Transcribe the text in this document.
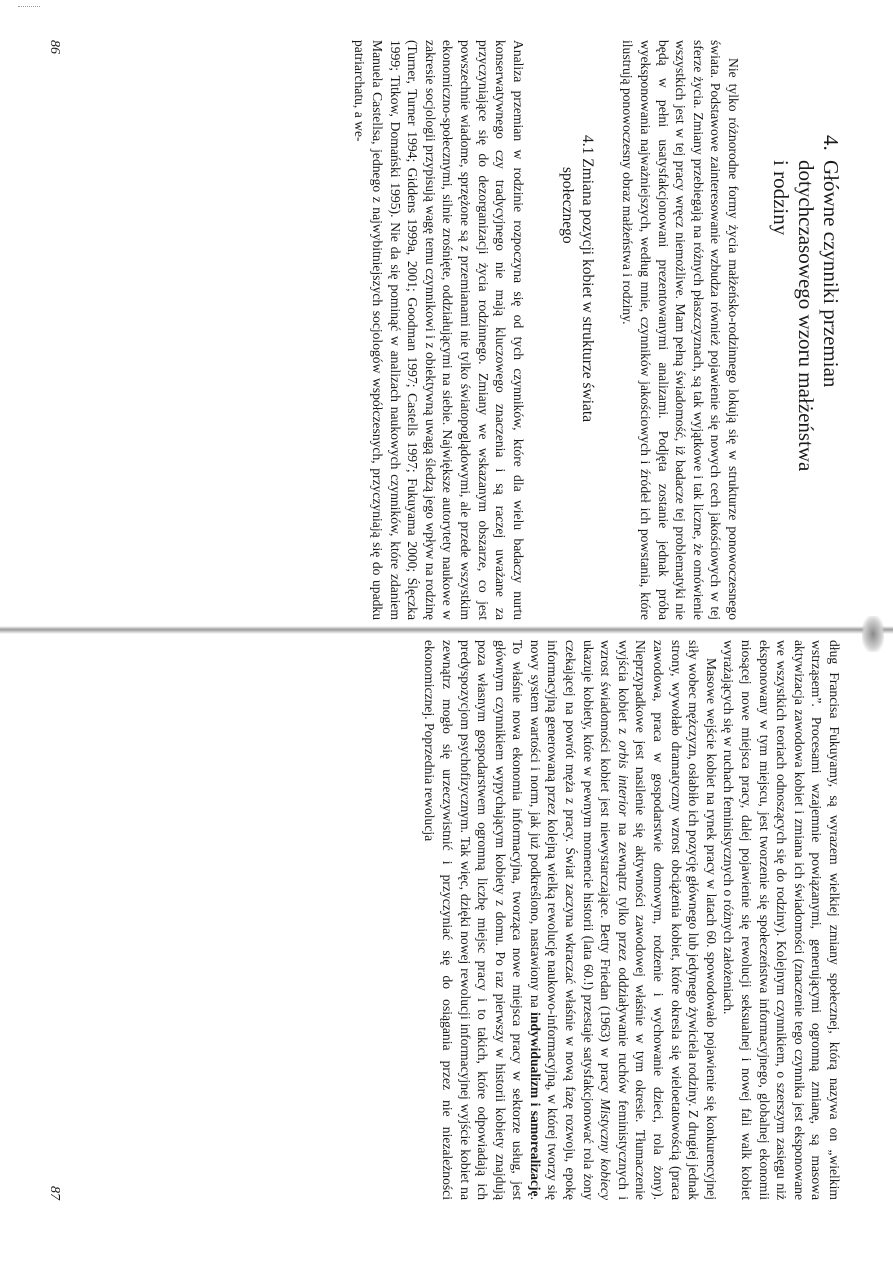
4.Główne czynniki przemian
dotychczasowego wzoru małżeństwa
i rodziny

Nie tylko różnorodne formy życia małżeńsko-rodzinnego lokują się w strukturze ponowoczesnego świata. Podstawowe zainteresowanie wzbudza również pojawienie się nowych cech jakościowych w tej sferze życia. Zmiany przebiegają na różnych płaszczyznach, są tak wyjątkowe i tak liczne, że omówienie wszystkich jest w tej pracy wręcz niemożliwe. Mam pełną świadomość, iż badacze tej problematyki nie będą w pełni usatysfakcjonowani prezentowanymi analizami. Podjęta zostanie jednak próba wyeksponowania najważniejszych, według mnie, czynników jakościowych i źródeł ich powstania, które ilustrują ponowoczesny obraz małżeństwa i rodziny.

4.1 Zmiana pozycji kobiet w strukturze świata
społecznego

Analiza przemian w rodzinie rozpoczyna się od tych czynników, które dla wielu badaczy nurtu konserwatywnego czy tradycyjnego nie mają kluczowego znaczenia i są raczej uważane za przyczyniające się do dezorganizacji życia rodzinnego. Zmiany we wskazanym obszarze, co jest powszechnie wiadome, sprzężone są z przemianami nie tylko światopoglądowymi, ale przede wszystkim ekonomiczno-społecznymi, silnie zrośnięte, oddziałującymi na siebie. Największe autorytety naukowe w zakresie socjologii przypisują wagę temu czynnikowi i z obiektywną uwagą śledzą jego wpływ na rodzinę (Turner, Turner 1994; Giddens 1999a, 2001; Goodman 1997; Castells 1997; Fukuyama 2000; Ślęczka 1999; Titkow, Domański 1995). Nie da się pominąć w analizach naukowych czynników, które zdaniem Manuela Castellsa, jednego z najwybitniejszych socjologów współczesnych, przyczyniają się do upadku patriarchatu, a we-

86

dług Francisa Fukuyamy, są wyrazem wielkiej zmiany społecznej, którą nazywa on „wielkim wstrząsem”. Procesami wzajemnie powiązanymi, generującymi ogromną zmianę, są masowa aktywizacja zawodowa kobiet i zmiana ich świadomości (znaczenie tego czynnika jest eksponowane we wszystkich teoriach odnoszących się do rodziny). Kolejnym czynnikiem, o szerszym zasięgu niż eksponowany w tym miejscu, jest tworzenie się społeczeństwa informacyjnego, globalnej ekonomii niosącej nowe miejsca pracy, dalej pojawienie się rewolucji seksualnej i nowej fali walk kobiet wyrażających się w ruchach feministycznych o różnych założeniach.

Masowe wejście kobiet na rynek pracy w latach 60. spowodowało pojawienie się konkurencyjnej siły wobec mężczyzn, osłabiło ich pozycję głównego lub jedynego żywiciela rodziny. Z drugiej jednak strony, wywołało dramatyczny wzrost obciążenia kobiet, które okresla się wieloetatowością (praca zawodowa, praca w gospodarstwie domowym, rodzenie i wychowanie dzieci, rola żony). Nieprzypadkowe jest nasilenie się aktywności zawodowej właśnie w tym okresie. Tłumaczenie wyjścia kobiet z orbis interior na zewnątrz tylko przez oddziaływanie ruchów feministycznych i wzrost świadomości kobiet jest niewystarczające. Betty Friedan (1963) w pracy Mistyczny kobiecy ukazuje kobiety, które w pewnym momencie historii (lata 60.!) przestaje satysfakcjonować rola żony czekającej na powrót męża z pracy. Świat zaczyna wkraczać właśnie w nową fazę rozwoju, epokę informacyjną generowaną przez kolejną wielką rewolucję naukowo-informacyjną, w której tworzy się nowy system wartości i norm, jak już podkreślono, nastawiony na indywidualizm i samorealizację. To właśnie nowa ekonomia informacyjna, tworząca nowe miejsca pracy w sektorze usług, jest głównym czynnikiem wypychającym kobiety z domu. Po raz pierwszy w historii kobiety znajdują poza własnym gospodarstwem ogromną liczbę miejsc pracy i to takich, które odpowiadają ich predyspozycjom psychofizycznym. Tak więc, dzięki nowej rewolucji informacyjnej wyjście kobiet na zewnątrz mogło się urzeczywistnić i przyczyniać się do osiągania przez nie niezależności ekonomicznej. Poprzednia rewolucja

87
